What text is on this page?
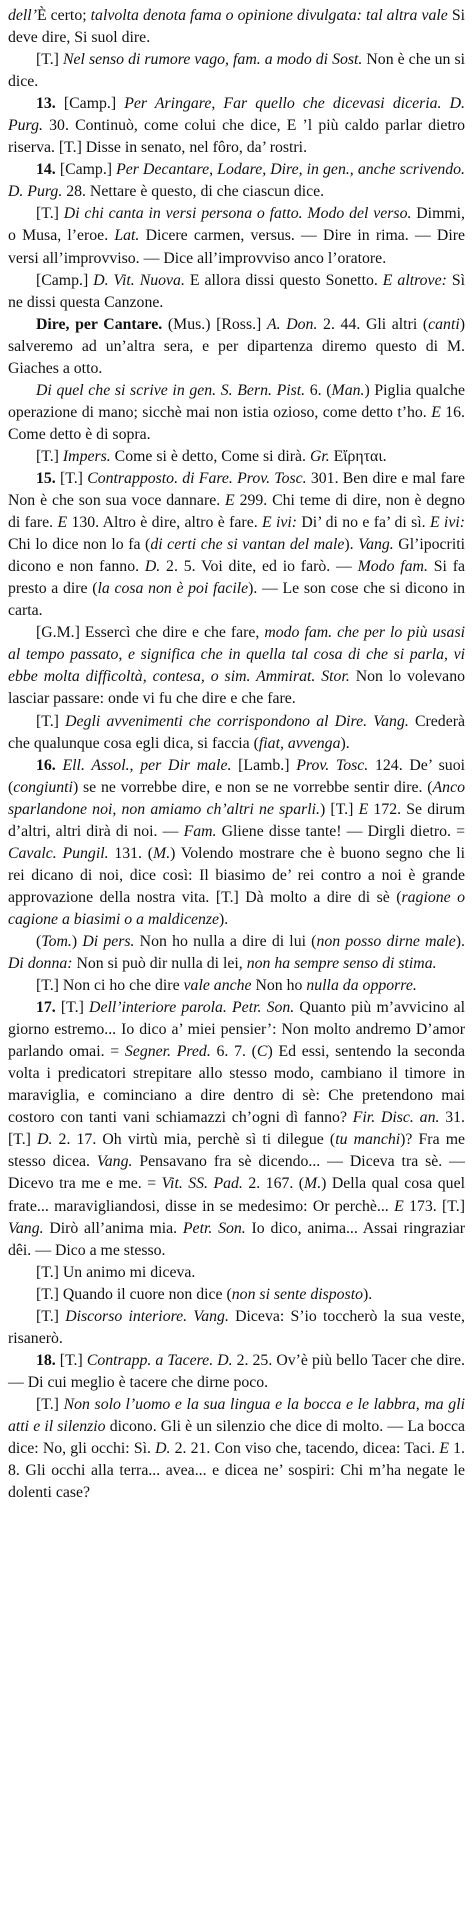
dell’È certo; talvolta denota fama o opinione divulgata: tal altra vale Si deve dire, Si suol dire.

[T.] Nel senso di rumore vago, fam. a modo di Sost. Non è che un si dice.

13. [Camp.] Per Aringare, Far quello che dicevasi diceria. D. Purg. 30. Continuò, come colui che dice, E ’l più caldo parlar dietro riserva. [T.] Disse in senato, nel fôro, da’ rostri.

14. [Camp.] Per Decantare, Lodare, Dire, in gen., anche scrivendo. D. Purg. 28. Nettare è questo, di che ciascun dice.

[T.] Di chi canta in versi persona o fatto. Modo del verso. Dimmi, o Musa, l’eroe. Lat. Dicere carmen, versus. — Dire in rima. — Dire versi all’improvviso. — Dice all’improvviso anco l’oratore.

[Camp.] D. Vit. Nuova. E allora dissi questo Sonetto. E altrove: Sì ne dissi questa Canzone.

Dire, per Cantare. (Mus.) [Ross.] A. Don. 2. 44. Gli altri (canti) salveremo ad un’altra sera, e per dipartenza diremo questo di M. Giaches a otto.

Di quel che si scrive in gen. S. Bern. Pist. 6. (Man.) Piglia qualche operazione di mano; sicchè mai non istia ozioso, come detto t’ho. E 16. Come detto è di sopra.

[T.] Impers. Come si è detto, Come si dirà. Gr. Εἴρηται.

15. [T.] Contrapposto. di Fare. Prov. Tosc. 301. Ben dire e mal fare Non è che son sua voce dannare. E 299. Chi teme di dire, non è degno di fare. E 130. Altro è dire, altro è fare. E ivi: Di’ di no e fa’ di sì. E ivi: Chi lo dice non lo fa (di certi che si vantan del male). Vang. Gl’ipocriti dicono e non fanno. D. 2. 5. Voi dite, ed io farò. — Modo fam. Si fa presto a dire (la cosa non è poi facile). — Le son cose che si dicono in carta.

[G.M.] Essercì che dire e che fare, modo fam. che per lo più usasi al tempo passato, e significa che in quella tal cosa di che si parla, vi ebbe molta difficoltà, contesa, o sim. Ammirat. Stor. Non lo volevano lasciar passare: onde vi fu che dire e che fare.

[T.] Degli avvenimenti che corrispondono al Dire. Vang. Crederà che qualunque cosa egli dica, si faccia (fiat, avvenga).

16. Ell. Assol., per Dir male. [Lamb.] Prov. Tosc. 124. De’ suoi (congiunti) se ne vorrebbe dire, e non se ne vorrebbe sentir dire. (Anco sparlandone noi, non amiamo ch’altri ne sparli.) [T.] E 172. Se dirum d’altri, altri dirà di noi. — Fam. Gliene disse tante! — Dirgli dietro. = Cavalc. Pungil. 131. (M.) Volendo mostrare che è buono segno che li rei dicano di noi, dice così: Il biasimo de’ rei contro a noi è grande approvazione della nostra vita. [T.] Dà molto a dire di sè (ragione o cagione a biasimi o a maldicenze).

(Tom.) Di pers. Non ho nulla a dire di lui (non posso dirne male). Di donna: Non si può dir nulla di lei, non ha sempre senso di stima.

[T.] Non ci ho che dire vale anche Non ho nulla da opporre.

17. [T.] Dell’interiore parola. Petr. Son. Quanto più m’avvicino al giorno estremo... Io dico a’ miei pensier’: Non molto andremo D’amor parlando omai. = Segner. Pred. 6. 7. (C) Ed essi, sentendo la seconda volta i predicatori strepitare allo stesso modo, cambiano il timore in maraviglia, e cominciano a dire dentro di sè: Che pretendono mai costoro con tanti vani schiamazzi ch’ogni dì fanno? Fir. Disc. an. 31. [T.] D. 2. 17. Oh virtù mia, perchè sì ti dilegue (tu manchi)? Fra me stesso dicea. Vang. Pensavano fra sè dicendo... — Diceva tra sè. — Dicevo tra me e me. = Vit. SS. Pad. 2. 167. (M.) Della qual cosa quel frate... maravigliandosi, disse in se medesimo: Or perchè... E 173. [T.] Vang. Dirò all’anima mia. Petr. Son. Io dico, anima... Assai ringraziar dêi. — Dico a me stesso.

[T.] Un animo mi diceva.

[T.] Quando il cuore non dice (non si sente disposto).

[T.] Discorso interiore. Vang. Diceva: S’io toccherò la sua veste, risanerò.

18. [T.] Contrapp. a Tacere. D. 2. 25. Ov’è più bello Tacer che dire. — Di cui meglio è tacere che dirne poco.

[T.] Non solo l’uomo e la sua lingua e la bocca e le labbra, ma gli atti e il silenzio dicono. Gli è un silenzio che dice di molto. — La bocca dice: No, gli occhi: Sì. D. 2. 21. Con viso che, tacendo, dicea: Taci. E 1. 8. Gli occhi alla terra... avea... e dicea ne’ sospiri: Chi m’ha negate le dolenti case?
